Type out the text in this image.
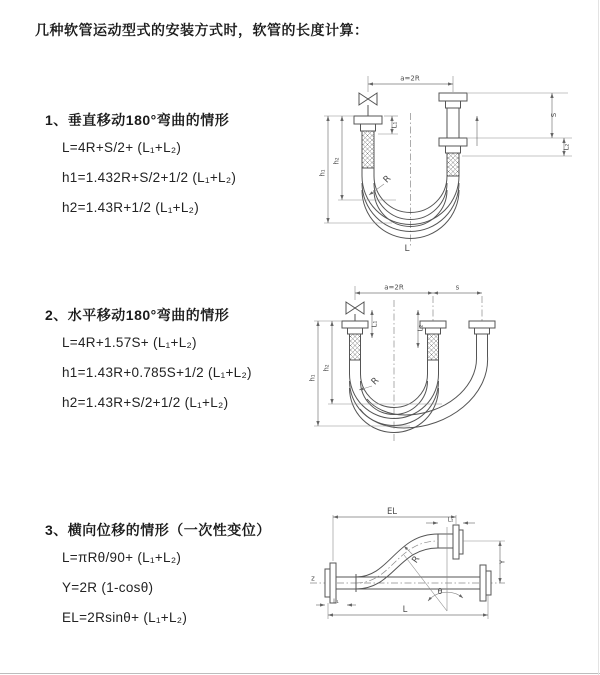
几种软管运动型式的安装方式时，软管的长度计算：
1、垂直移动180°弯曲的情形
L=4R+S/2+ (L₁+L₂)
h1=1.432R+S/2+1/2 (L₁+L₂)
h2=1.43R+1/2 (L₁+L₂)
2、水平移动180°弯曲的情形
L=4R+1.57S+ (L₁+L₂)
h1=1.43R+0.785S+1/2 (L₁+L₂)
h2=1.43R+S/2+1/2 (L₁+L₂)
3、横向位移的情形（一次性变位）
L=πRθ/90+ (L₁+L₂)
Y=2R (1-cosθ)
EL=2Rsinθ+ (L₁+L₂)
a=2R
h₁
h₂
L₁
S
L₂
R
L
a=2R	s
h₁
h₂
L₁
L₂
R
z
EL
L₂
Y
L
L₁
θ
R
